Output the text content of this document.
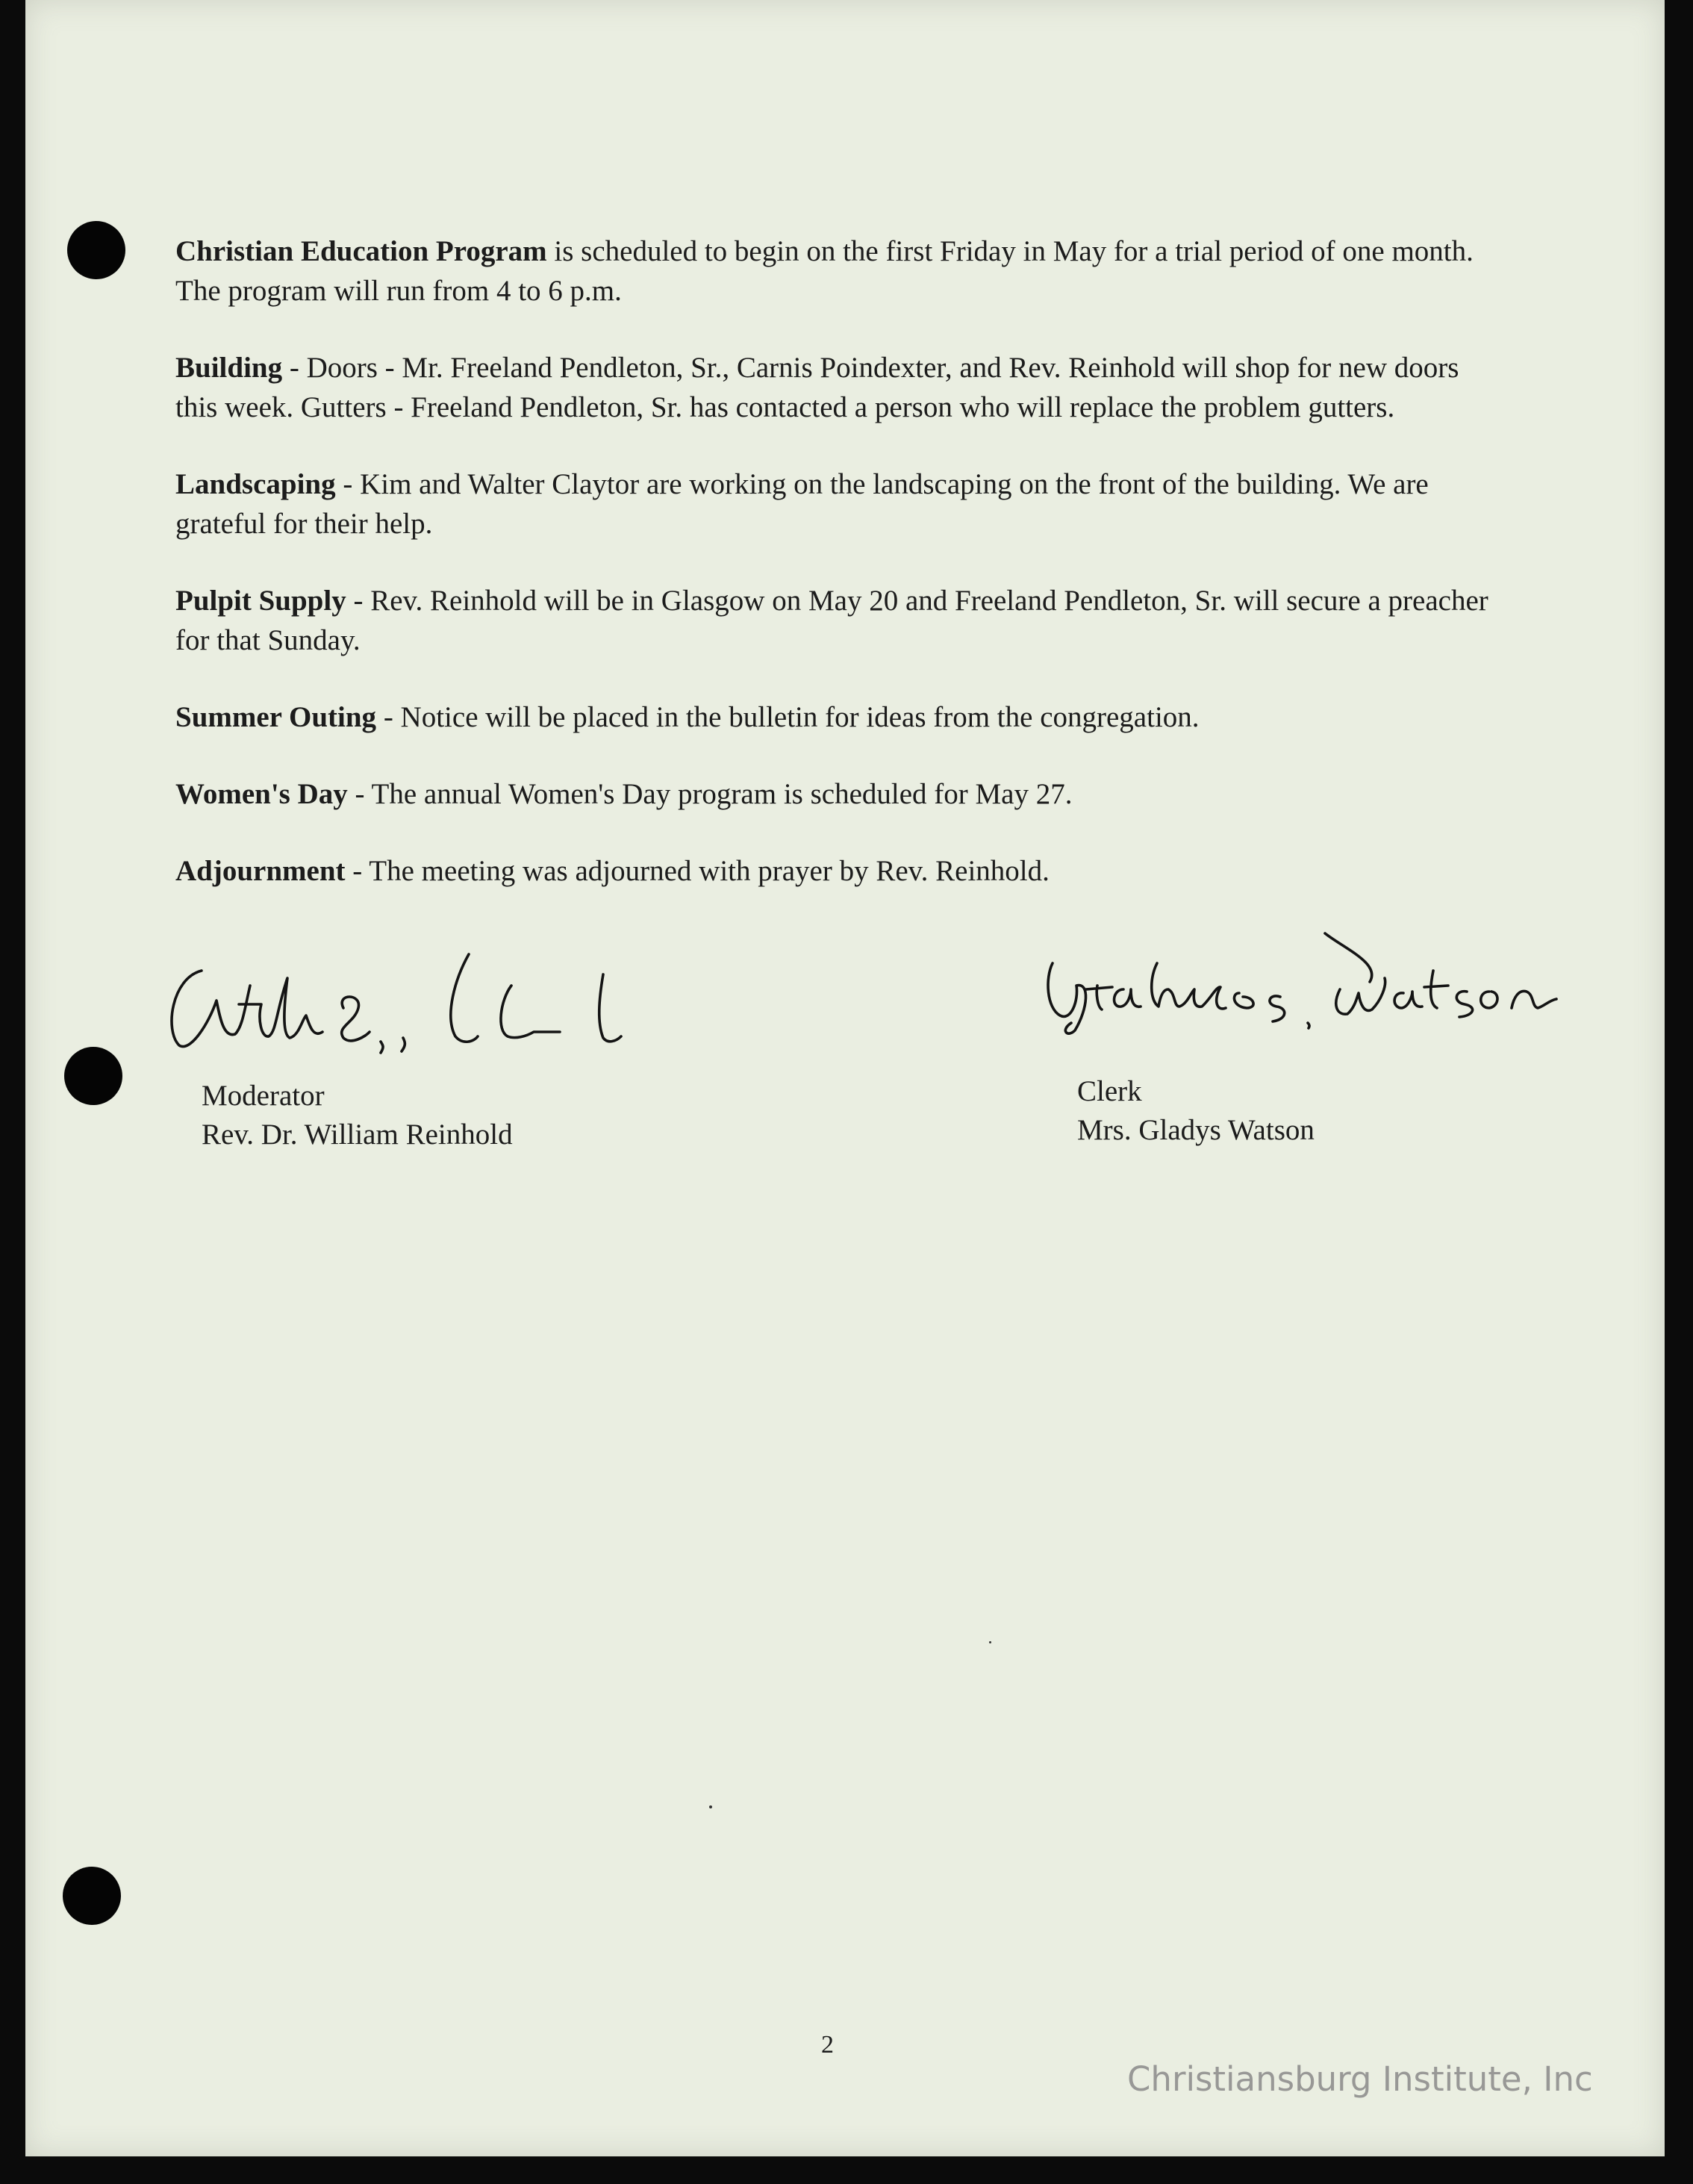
Christian Education Program is scheduled to begin on the first Friday in May for a trial period of one month. The program will run from 4 to 6 p.m.

Building - Doors - Mr. Freeland Pendleton, Sr., Carnis Poindexter, and Rev. Reinhold will shop for new doors this week. Gutters - Freeland Pendleton, Sr. has contacted a person who will replace the problem gutters.

Landscaping - Kim and Walter Claytor are working on the landscaping on the front of the building. We are grateful for their help.

Pulpit Supply - Rev. Reinhold will be in Glasgow on May 20 and Freeland Pendleton, Sr. will secure a preacher for that Sunday.

Summer Outing - Notice will be placed in the bulletin for ideas from the congregation.

Women's Day - The annual Women's Day program is scheduled for May 27.

Adjournment - The meeting was adjourned with prayer by Rev. Reinhold.

Moderator
Rev. Dr. William Reinhold
Clerk
Mrs. Gladys Watson
2
Christiansburg Institute, Inc
